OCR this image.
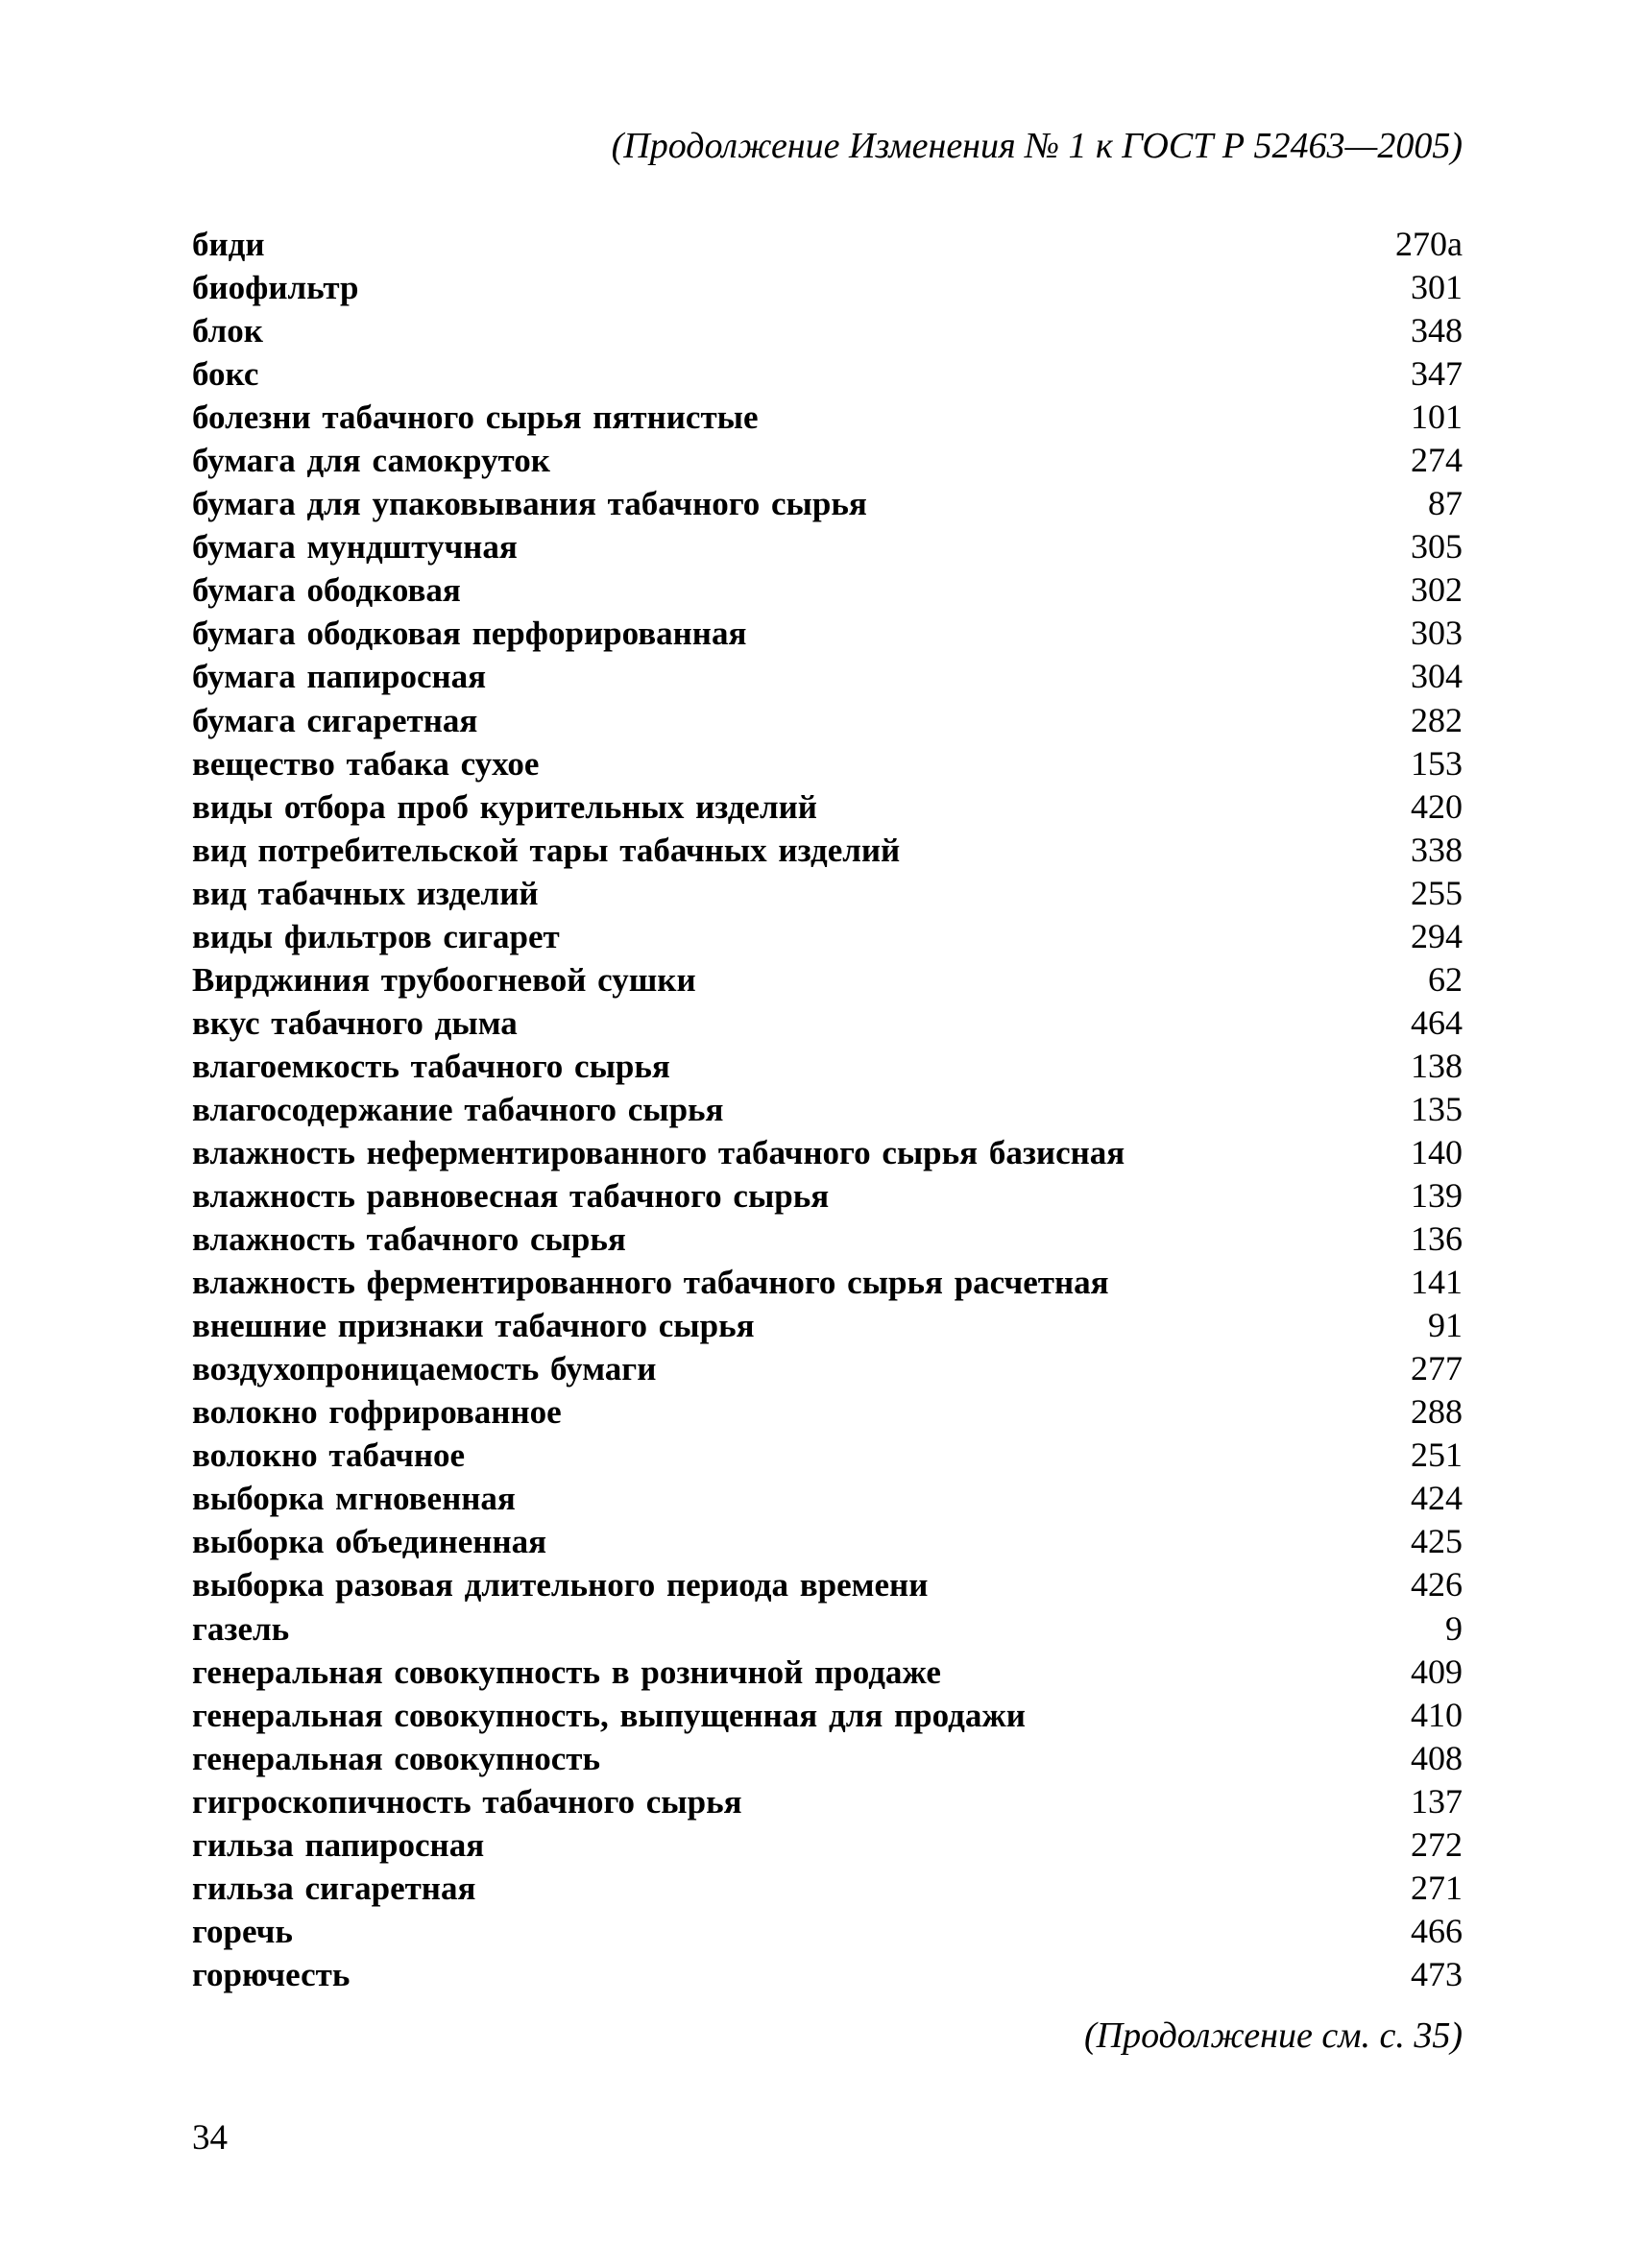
(Продолжение Изменения № 1 к ГОСТ Р 52463—2005)
биди	270а
биофильтр	301
блок	348
бокс	347
болезни табачного сырья пятнистые	101
бумага для самокруток	274
бумага для упаковывания табачного сырья	87
бумага мундштучная	305
бумага ободковая	302
бумага ободковая перфорированная	303
бумага папиросная	304
бумага сигаретная	282
вещество табака сухое	153
виды отбора проб курительных изделий	420
вид потребительской тары табачных изделий	338
вид табачных изделий	255
виды фильтров сигарет	294
Вирджиния трубоогневой сушки	62
вкус табачного дыма	464
влагоемкость табачного сырья	138
влагосодержание табачного сырья	135
влажность неферментированного табачного сырья базисная	140
влажность равновесная табачного сырья	139
влажность табачного сырья	136
влажность ферментированного табачного сырья расчетная	141
внешние признаки табачного сырья	91
воздухопроницаемость бумаги	277
волокно гофрированное	288
волокно табачное	251
выборка мгновенная	424
выборка объединенная	425
выборка разовая длительного периода времени	426
газель	9
генеральная совокупность в розничной продаже	409
генеральная совокупность, выпущенная для продажи	410
генеральная совокупность	408
гигроскопичность табачного сырья	137
гильза папиросная	272
гильза сигаретная	271
горечь	466
горючесть	473
(Продолжение см. с. 35)
34
